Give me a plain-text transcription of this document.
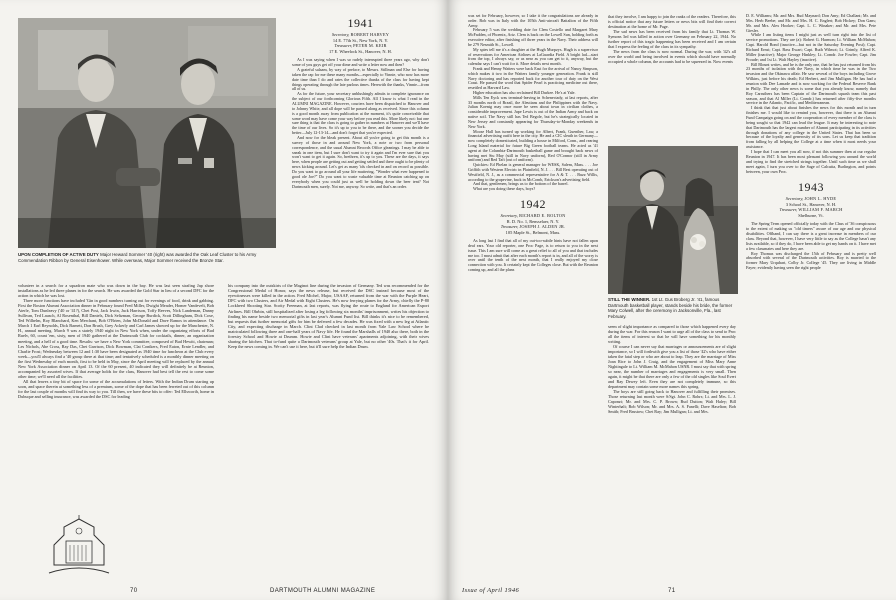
UPON COMPLETION OF ACTIVE DUTY Major Heward Sommer '40 (right) was awarded the Oak Leaf Cluster to his Army Commendation Ribbon by General Eisenhower. While overseas, Major Sommer received the Bronze Star.
1941
Secretary, ROBERT HARVEY
14 E. 77th St., New York, N. Y.
Treasurer, PETER M. KEIR
17 E. Wheelock St., Hanover, N. H.

As I was saying when I was so rudely interrupted three years ago, why don't some of you guys get off your dime and write a letter now and then?

A grateful salaam, by way of preface, to Messrs. Stillman and Else for having taken the rap for me these many months—especially to Vinnie, who now has more date time than I do and rates the collective thanks of the class for having kept things operating through the late parlous times. Herewith the thanks, Vinnie—from all of us.

As for the future, your secretary unblushingly admits to complete ignorance on the subject of our forthcoming Glorious Fifth. All I know is what I read in the ALUMNI MAGAZINE. However, couriers have been dispatched to Hanover and to Johnny White, and all dope will be passed along as received. Since this column is a good month away from publication at the moment, it's quite conceivable that some word may have come your way before you read this. More likely not: but one sure thing is that the class is going to gather in numbers at Hanover and we'll have the time of our lives. So it's up to you to be there, and the sooner you decide the better—July 12-13-14—and don't forget that you're expected.

And now for the bleak present. About all you're going to get this month is a survey of those in and around New York, a note or two from personal correspondence, and the usual Alumni Records Office gleanings. I may be able to sneak in one item, but I sure don't want to try it again and I'm ever sure that you won't want to get it again. So, brethren, it's up to you. These are the days, it says here, when people are getting out and getting settled and there ought to be plenty of news kicking around. Let's get as many 'ids checked in and on record as possible. Do you want to go around all your life muttering, "Wonder what ever happened to good ole Joe?" Do you want to waste valuable time at Reunion catching up on everybody when you could just as well be holding down the beer tent? Not Dartmouth men, surely. Not me, anyway. So write, and that's an order.

volunteer in a search for a squadron mate who was down in the bay. He was last seen strafing Jap shore installations as he led three planes in for the search. He was awarded the Gold Star in lieu of a second DFC for the action in which he was lost.

Three more functions have included 'Gin in good numbers turning out for evenings of food, drink and gabbing. First the Boston Alumni Association dinner in February found Fred Miller, Dwight Meader, Homer Vandevelt, Bob Aterle, Tom Dunleavy ('40 or '41?), Chet Post, Jack Irwin, Jack Harrison, Toffy Reeves, Nick Landeman, Danny Sullivan, Ted Lausch, Al Rosenthal, Bill Daniels, Dick Seltzman, George Burdick, Scott Dillingham, Dick Coxe, Ted Wilhelm, Roy Blanchard, Ken Merchant, Bob O'Brien, John McDonald and Dave Ramos in attendance. On March 1 Earl Reynolds, Dick Barnett, Don Brush, Grey Ackerly and Carl James showed up for the Manchester, N. H., annual meeting. March 9 was a stately 1940 night in New York when, under the organizing efforts of Bud Ruelv, 60, count 'em, sixty, men of 1940 gathered at the Dartmouth Club for cocktails, dinner, an organization meeting, and a hell of a good time. Results: we have a New York committee, composed of Bud Hewitt, chairman; Les Nichols, Abe Cross, Ray Das, Chet Garrison, Dick Bowman, Clai Conikers, Fred Eaton, Ernie Lendler, and Charlie Frost; Wednesday between 12 and 1:30 have been designated as 1940 time for luncheon at the Club every week—you'll always find a '40 group there at that time; and tentatively scheduled is a monthly dinner meeting on the first Wednesday of each month, first to be held in May, since the April meeting will be replaced by the annual New York Association dinner on April 13. Of the 60 present, 40 indicated they will definitely be at Reunion, accompanied by assorted wives. If that average holds for the class, Hanover had best tell the rest to come some other time; we'll need all the facilities.

All that leaves a tiny bit of space for some of the accumulations of letters. With the Indian Drum starting up soon, and space therein at something less of a premium, some of the dope that has been ferreted out of this column for the last couple of months will find its way to you. Till then, we have these bits to offer: Ted Ellsworth, home in Dubuque and selling insurance, was awarded the DSC for leading

his company into the outskirts of the Maginot line during the invasion of Germany. Ted was recommended for the Congressional Medal of Honor, says the news release, but received the DSC instead because most of the eyewitnesses were killed in the action. Fred Michel, Major, USAAF, returned from the war with the Purple Heart, DFC with two Clusters, and Air Medal with Eight Clusters. He's now ferrying planes for the Army, chiefly the P-80 Lockheed Shooting Star. Scotty Freeman, at last reports, was flying the route to England for American Export Airlines. Bill Ohrbin, still hospitalized after losing a leg following six months' imprisonment, writes his objection to finding his name beside two memorial gifts in last year's Alumni Fund list. Bill thinks it's nice to be remembered, but requests that further memorial gifts for him be deferred a few decades. He was fixed with a new leg at Atlantic City, and expecting discharge in March. Clint Clad checked in last month from Yale Law School where he matriculated following three and one-half years of Navy life. He found the Marshalls of 1940 also there, both in the forestry School and Howie at Drumm. Howie and Clint have veterans' apartments adjoining, with their wives sharing the kitchen. That to-fund quite a Dartmouth veterans' group at Yale, but no other '40s. That's it for April. Keep the news coming in. We can't use it here, but it'll sure help the Indian Drum.

70	DARTMOUTH ALUMNI MAGAZINE

was set for February, however, so I take it the congratulations are already in order. Bob was in Italy with the 105th Anti-aircraft Battalion of the Fifth Army.

February 5 was the wedding date for Clem Costello and Margaret Mary McFadden, of Phoenix, Ariz. Clem is back on the Lowell Sun, holding forth as executive editor, after finishing off three years in the Navy. Their address will be 279 Nesmith St., Lowell.

My spies tell me it's a daughter at the Hugh Murpzys. Hugh is a supervisor of reservations for American Airlines at LaGuardia Field. A bright lad—start from the top, I always say, or as near as you can get to it, anyway, but the calendar says I can't wait for it. More details next month.

Frank and Henny Watters were back East for the arrival of Nancy Simpson, which makes it two in the Watters family younger generation. Frank is still Navy doctoring and has reported back for another tour of duty on the West Coast. He passed the word that Spider Pearl is practicing medicine out there, resettled as Harvard Law.

Higher education has also reclaimed Bill Durkee. He's at Yale.

Mills Ten Eyck was terminal-leaving in Schenectady, at last reports, after 33 months north of Brazil, the Aleutians and the Philippines with the Navy. Julian Koenig may once more be seen about town in civilian clothes, a considerable improvement. Jupe Lewis is out of the Indian Army and back on native soil. The Navy still has Ted Begole, but he's strategically located in New Jersey and constantly appearing for Thursday-to-Monday weekends in New York.

Moose Hall has turned up working for Albert, Frank, Guenther, Law, a financial advertising outfit here in the city. He and a CIC sleuth in Germany—now completely domesticated, building a house in Milford, Conn., and rearing Long Island material for future Big Green football teams. He acted as '41 agent at the Columbia-Dartmouth basketball game and brought back news of having met Stu May (still in Navy uniform), Red O'Connor (still in Army uniform) and Red Taft (out of uniform).

Quickies: Ed Phelan is general manager for WESK, Salem, Mass. . . . Joe Griffith with Western Electric in Plainfield, N. J. . . . Bill Best operating out of Westfield, N. J., as a commercial representative for A & T. . . . Buzz Willis, according to the grapevine, back in McComb, Erickson's advertising field.

And that, gentlemen, brings us to the bottom of the barrel.

What are you doing these days, boys?

1942
Secretary, RICHARD E. BOLTON
R. D. No. 1, Rensselaer, N. Y.
Treasurer, JOSEPH J. ALDEN JR.
105 Maple St., Belmont, Mass.

As long last I find that all of my out-too-subtle hints have not fallen upon deaf ears. Your old reporter, one Proc Page, is to return to you in the next issue. This I am sure will come as a great relief to all of you and that includes me too. I must admit that after each month's report is in, and all of the worry is over until the tenth of the next month, that I really enjoyed my close connection with you. It certainly kept the Colleges close. But with the Reunion coming up, and all the plans

that they involve, I am happy to join the ranks of the readers. Therefore, this is official notice that any future letters or news bits will find their correct destination at the home of Mr. Page.

The sad news has been received from his family that Lt. Thomas W. Symons 3rd was killed in action over Germany on February 22, 1944. No further report of this tragic happening has been received and I am certain that I express the feeling of the class in its sympathy.

The news from the class is now normal. During the war, with '42's all over the world and being involved in events which should have normally occupied a whole column, the accounts had to be squeezed in. Now events

STILL THE WINNER. 1st Lt. Gus Broberg Jr. '41, famous Dartmouth basketball player, stands beside his bride, the former Mary Colwell, after the ceremony in Jacksonville, Fla., last February.

seem of slight importance as compared to those which happened every day during the war. For this reason I want to urge all of the class to send to Proc all the items of interest so that he will have something for his monthly writing.

Of course I can never say that marriages or announcements are of slight importance, so I will forthwith give you a list of those '42's who have either taken the fatal step or who are about to leap. They are the marriage of Miss Joan Rice to John J. Craig, and the engagement of Miss Mary Anne Nightingale to Lt. William M. McMahon USNR. I must say that with spring so near, the number of marriages and engagements is very small. Then again, it might be that there are only a few of the old singles like Soul Evert and Ray Dewey left. Even they are not completely immune, so this department may contain some more names this spring.

The boys are still going back to Hanover and fulfilling their promises. Those returning last month were S/Sgt. John C. Rohrs; Lt. and Mrs. L. J. Caponzi; Mr. and Mrs. C. P. Brown; Bud Dutton; Walt Haley; Bill Winterhalt; Bob Wilson; Mr. and Mrs. A. S. Fanelli; Dave Haselton; Bob Smith; Fred Brustow; Chet Ray; Jim Mulligan; Lt. and Mrs.

D. E. Williams; Mr. and Mrs. Bud Maynard; Don Amy; Ed Challant; Mr. and Mrs. Herb Beebe; and Mr. and Mrs. H. C. Englert; Bob Hickey; Don Gans; Mr. and Mrs. Alex Hooker; Capt. L. C. Winaker; and Mr. and Mrs. Pete Giesler.

While I am listing items I might just as well turn right into the list of service promotions. They are (a): Robert G. Harmon; Lt. William McMahon; Capt. Harold Bond (inactive—but not in the Saturday Evening Post); Capt. Richard Ernst; Capt. Bass Ewart; Capt. Ruth Wilmot; Lt. Grimly, Alfred K. Miller (inactive); Major George Hinkley; Lt. Comdr. Joe Fowler; Capt. Jim Froude; and 1st Lt. Walt Hayley (inactive).

Bill Blount writes, and he is the only one, that he has just returned from his 23 months of isolation with the Navy, in which time he was in the Two invasion and the Okinawa affair. He saw several of the boys including Grove Wilkins, just before his death; Ed Herbert, and Jim Mulligan. He has had a reunion with Dee Lamade and is now working for the Federal Reserve Bank in Philly. The only other news is some that you already know, namely that Roy Carruthers has been Captain of the Dartmouth squash team this past season, and that Al Miller (Lt. Comdr.) has returned after fifty-five months service in the Atlantic, Pacific, and Mediterranean.

I think that that just about finishes the news for this month and in turn finishes me. I would like to remind you, however, that there is an Alumni Fund Campaign going on and the cooperation of every member of the class is being sought so that 1942 can lead the league. It may be interesting to note that Dartmouth has the largest number of Alumni participating in its activities through donations of any college in the United States. That has been so because of the loyalty and generosity of its sons. Let us keep that tradition from falling by all helping the College at a time when it most needs your assistance.

I hope that I can meet you all now, if not this summer then at our regular Reunion in 1947. It has been most pleasant following you around the world and trying to find the stretched strings together. Until such time as we shall meet again, I turn you over to the Sage of Calcutta, Burlington, and points between, your own Proc.

1943
Secretary, JOHN L. HYDE
3 School St., Hanover, N. H.
Treasurer, WILLIAM F. MARCH
Shelburne, Vt.

The Spring Term opened officially today with the Class of '36 conspicuous to the extent of making us "old timers" aware of our age and our physical disabilities. Offhand, I can say there is a great increase in members of our class. Beyond that, however, I have very little to say as the College hasn't any lists available, so if they do, I have been able to get my hands on it. I have met a few classmates and here they are.

Roy Thomas was discharged the 15th of February and is pretty well absorbed with several of the Dartmouth activities. Roy is married to the former Mary Urquhart, Colby Jr. College '45. They are living in Middle Fayer; evidently having seen the right people

Issue of April 1946	71
